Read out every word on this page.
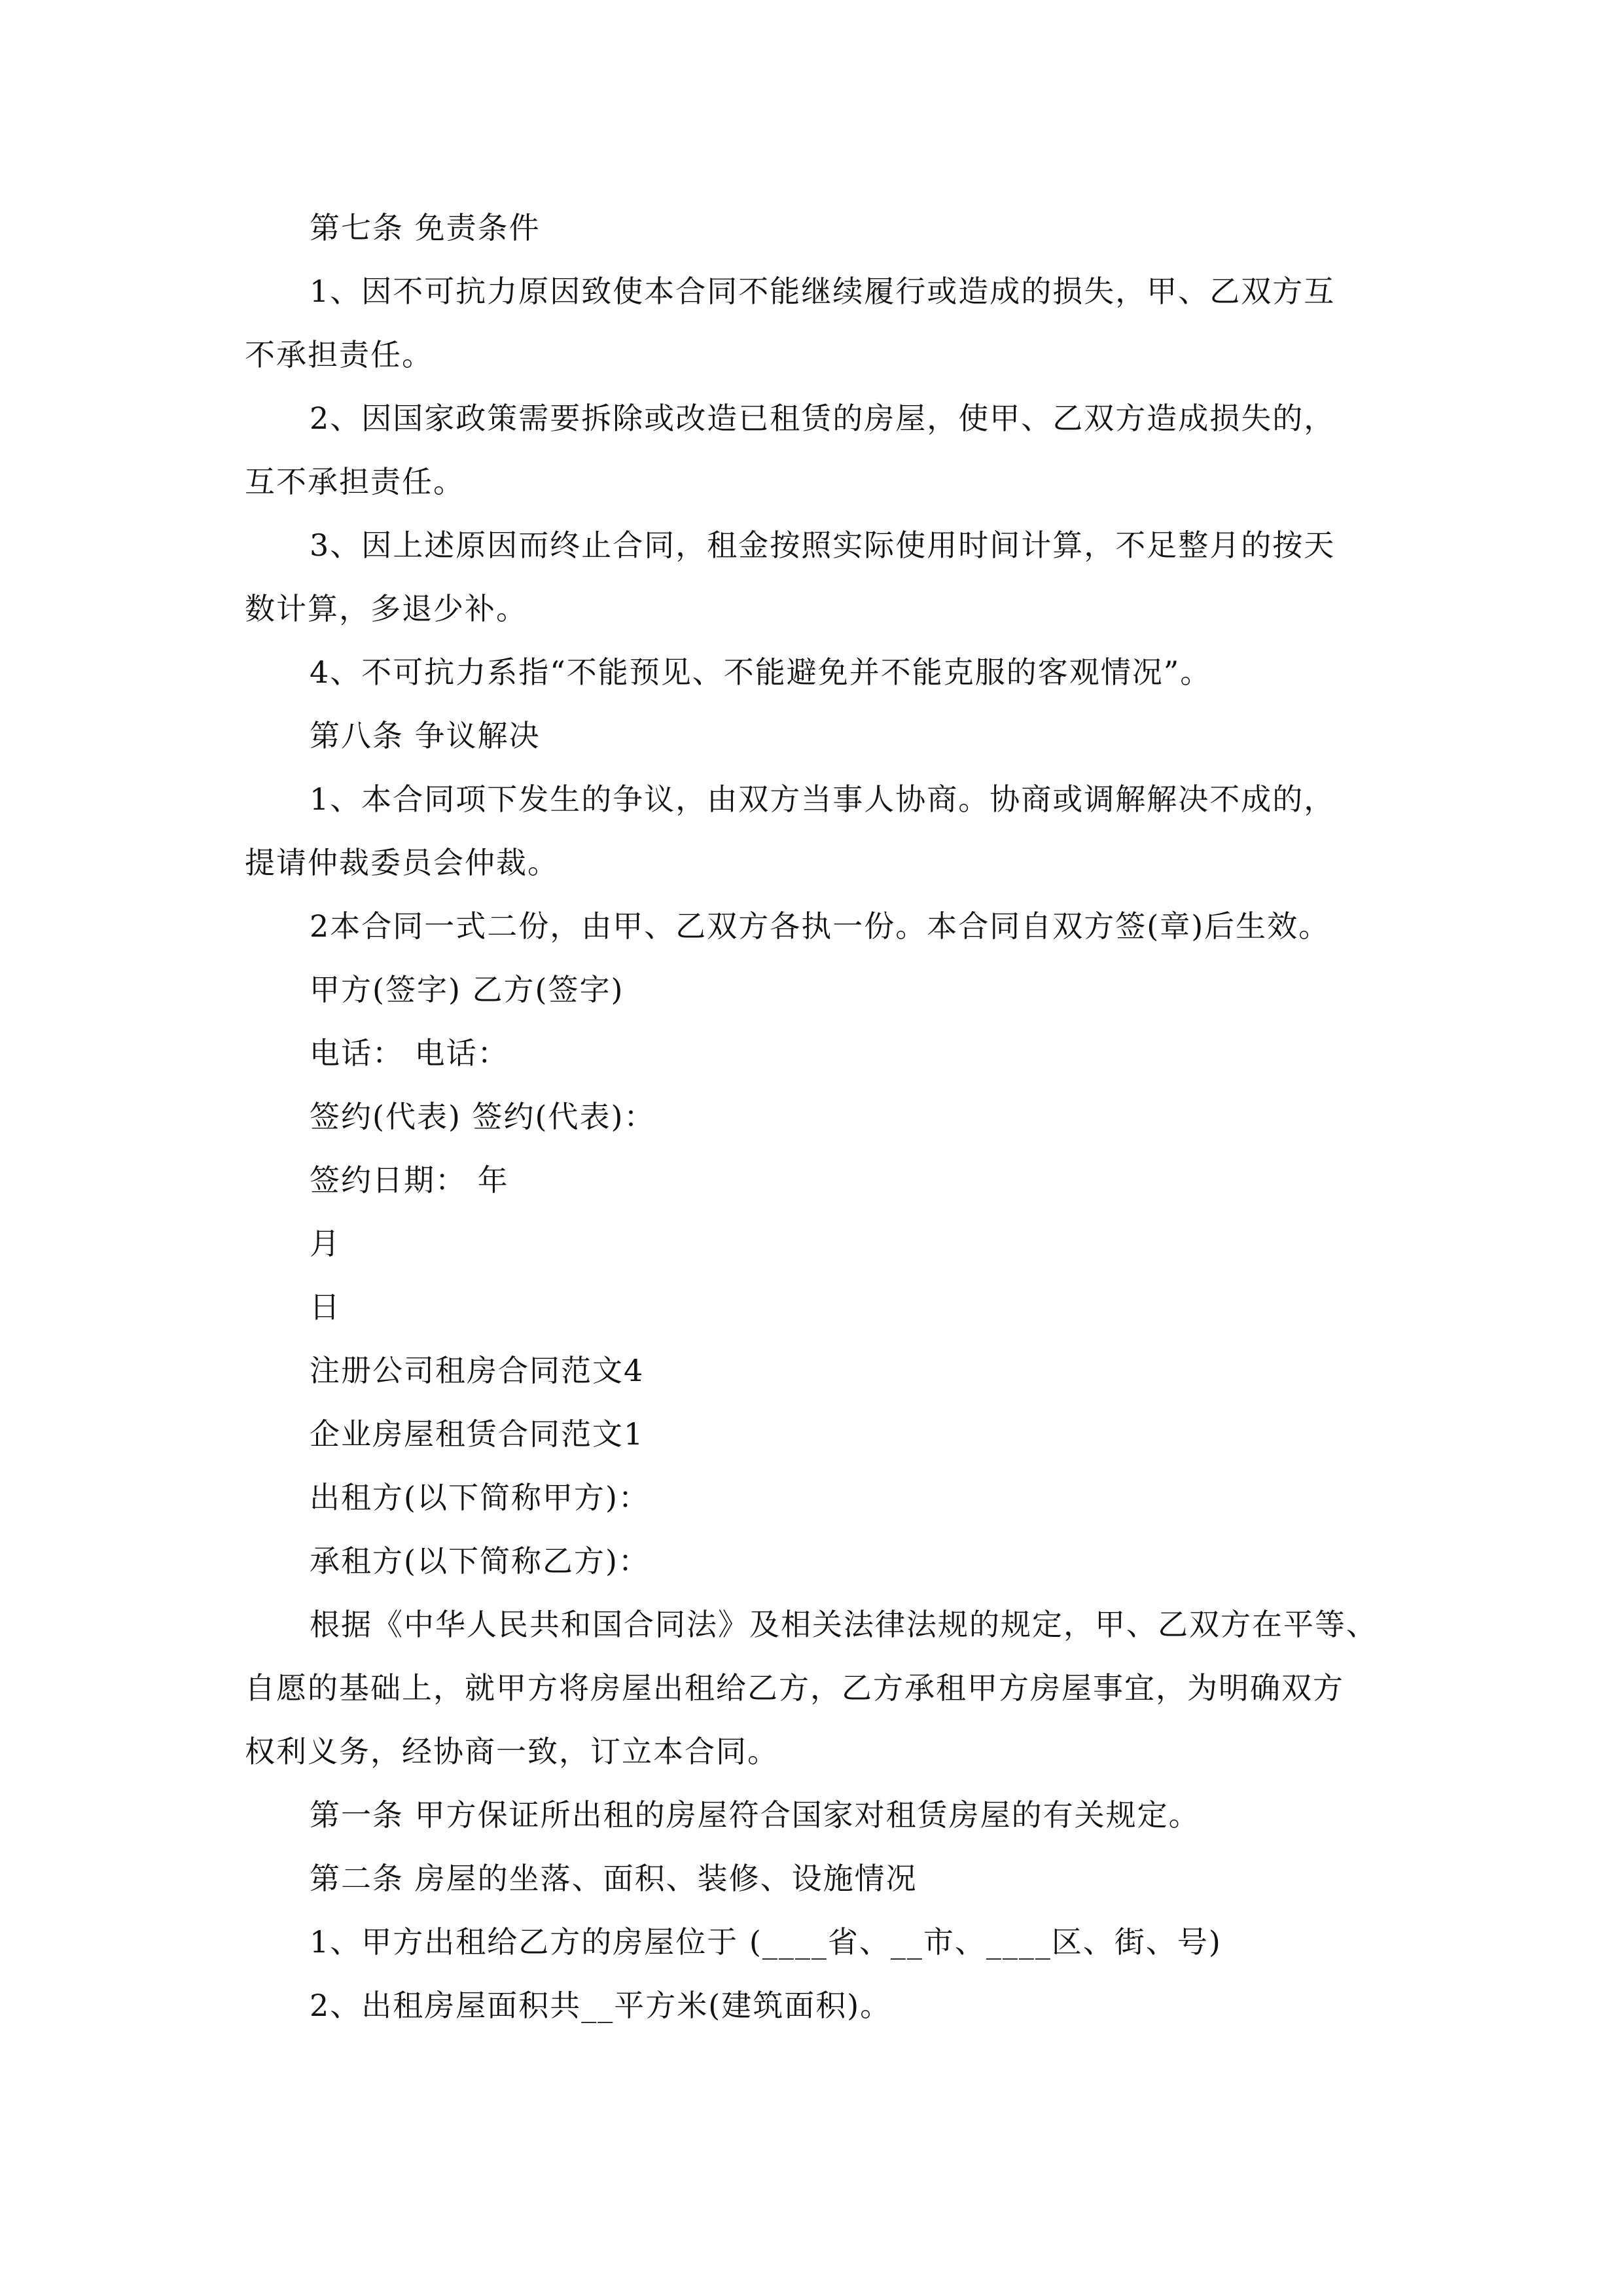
第七条 免责条件
1、因不可抗力原因致使本合同不能继续履行或造成的损失，甲、乙双方互
不承担责任。
2、因国家政策需要拆除或改造已租赁的房屋，使甲、乙双方造成损失的，
互不承担责任。
3、因上述原因而终止合同，租金按照实际使用时间计算，不足整月的按天
数计算，多退少补。
4、不可抗力系指“不能预见、不能避免并不能克服的客观情况”。
第八条 争议解决
1、本合同项下发生的争议，由双方当事人协商。协商或调解解决不成的，
提请仲裁委员会仲裁。
2本合同一式二份，由甲、乙双方各执一份。本合同自双方签(章)后生效。
甲方(签字) 乙方(签字)
电话： 电话：
签约(代表) 签约(代表)：
签约日期： 年
月
日
注册公司租房合同范文4
企业房屋租赁合同范文1
出租方(以下简称甲方)：
承租方(以下简称乙方)：
根据《中华人民共和国合同法》及相关法律法规的规定，甲、乙双方在平等、
自愿的基础上，就甲方将房屋出租给乙方，乙方承租甲方房屋事宜，为明确双方
权利义务，经协商一致，订立本合同。
第一条 甲方保证所出租的房屋符合国家对租赁房屋的有关规定。
第二条 房屋的坐落、面积、装修、设施情况
1、甲方出租给乙方的房屋位于 (____省、__市、____区、街、号)
2、出租房屋面积共__平方米(建筑面积)。
